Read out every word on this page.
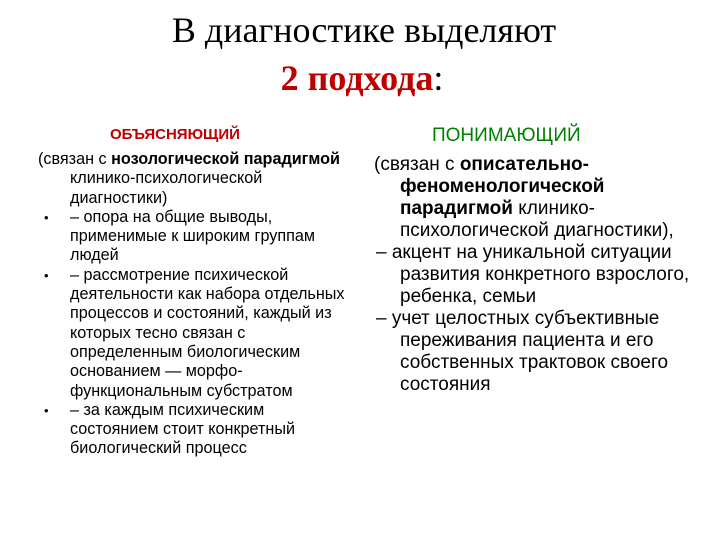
В диагностике выделяют
2 подхода:
ОБЪЯСНЯЮЩИЙ	ПОНИМАЮЩИЙ
(связан с нозологической парадигмой клинико-психологической диагностики)
• – опора на общие выводы, применимые к широким группам людей
• – рассмотрение психической деятельности как набора отдельных процессов и состояний, каждый из которых тесно связан с определенным биологическим основанием — морфо-функциональным субстратом
• – за каждым психическим состоянием стоит конкретный биологический процесс
(связан с описательно-феноменологической парадигмой клинико-психологической диагностики),
– акцент на уникальной ситуации развития конкретного взрослого, ребенка, семьи
– учет целостных субъективные переживания пациента и его собственных трактовок своего состояния
